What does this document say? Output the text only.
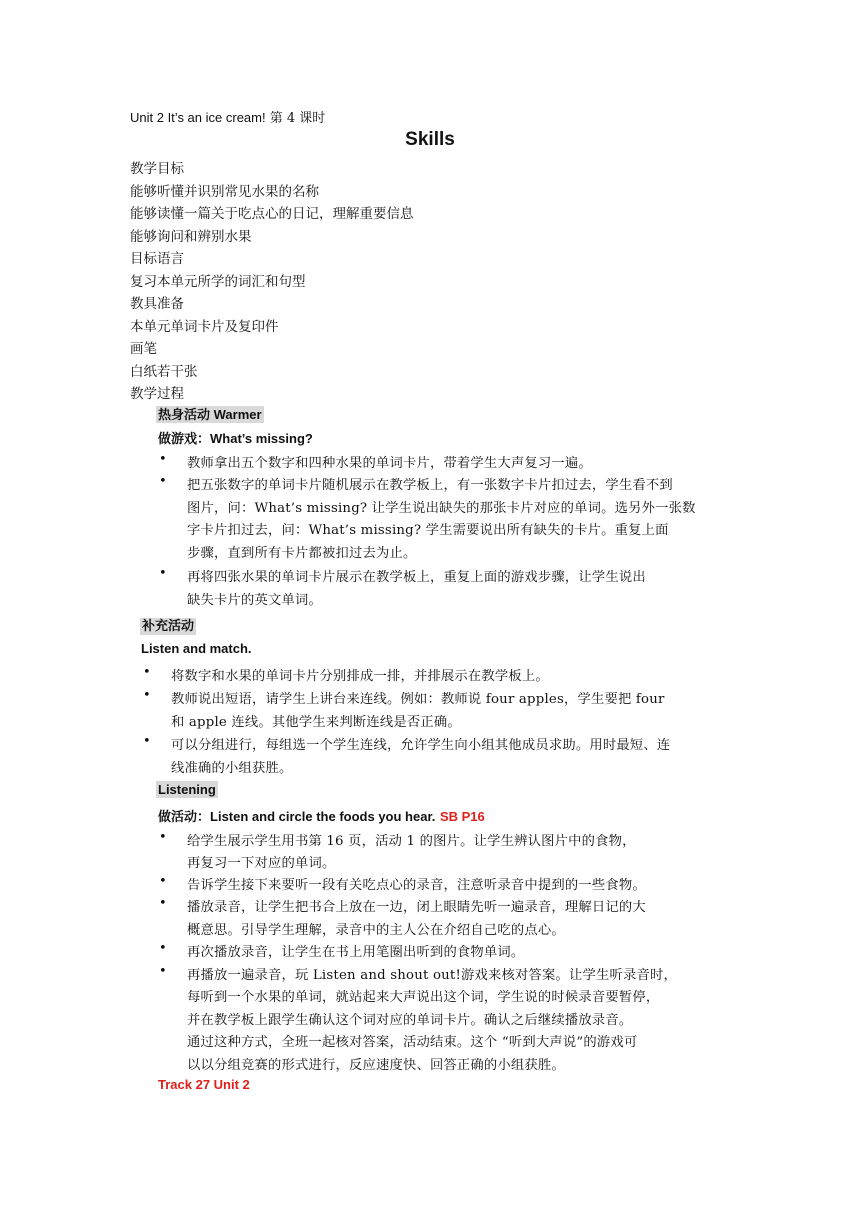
Unit 2 It’s an ice cream! 第 4 课时
Skills
教学目标
能够听懂并识别常见水果的名称
能够读懂一篇关于吃点心的日记，理解重要信息
能够询问和辨别水果
目标语言
复习本单元所学的词汇和句型
教具准备
本单元单词卡片及复印件
画笔
白纸若干张
教学过程
热身活动 Warmer
做游戏：What’s missing?
• 教师拿出五个数字和四种水果的单词卡片，带着学生大声复习一遍。
• 把五张数字的单词卡片随机展示在教学板上，有一张数字卡片扣过去，学生看不到
图片，问：What’s missing? 让学生说出缺失的那张卡片对应的单词。选另外一张数
字卡片扣过去，问：What’s missing? 学生需要说出所有缺失的卡片。重复上面
步骤，直到所有卡片都被扣过去为止。
• 再将四张水果的单词卡片展示在教学板上，重复上面的游戏步骤，让学生说出
缺失卡片的英文单词。
补充活动
Listen and match.
• 将数字和水果的单词卡片分别排成一排，并排展示在教学板上。
• 教师说出短语，请学生上讲台来连线。例如：教师说 four apples，学生要把 four
和 apple 连线。其他学生来判断连线是否正确。
• 可以分组进行，每组选一个学生连线，允许学生向小组其他成员求助。用时最短、连
线准确的小组获胜。
Listening
做活动：Listen and circle the foods you hear. SB P16
• 给学生展示学生用书第 16 页，活动 1 的图片。让学生辨认图片中的食物，
再复习一下对应的单词。
• 告诉学生接下来要听一段有关吃点心的录音，注意听录音中提到的一些食物。
• 播放录音，让学生把书合上放在一边，闭上眼睛先听一遍录音，理解日记的大
概意思。引导学生理解，录音中的主人公在介绍自己吃的点心。
• 再次播放录音，让学生在书上用笔圈出听到的食物单词。
• 再播放一遍录音，玩 Listen and shout out!游戏来核对答案。让学生听录音时，
每听到一个水果的单词，就站起来大声说出这个词，学生说的时候录音要暂停，
并在教学板上跟学生确认这个词对应的单词卡片。确认之后继续播放录音。
通过这种方式，全班一起核对答案，活动结束。这个 “听到大声说”的游戏可
以以分组竞赛的形式进行，反应速度快、回答正确的小组获胜。
Track 27 Unit 2
